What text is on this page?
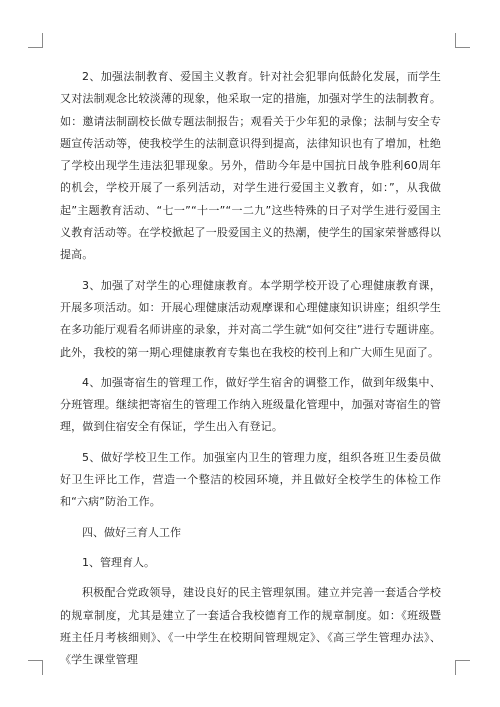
2、加强法制教育、爱国主义教育。针对社会犯罪向低龄化发展，而学生又对法制观念比较淡薄的现象，他采取一定的措施，加强对学生的法制教育。如：邀请法制副校长做专题法制报告；观看关于少年犯的录像；法制与安全专题宣传活动等，使我校学生的法制意识得到提高，法律知识也有了增加，杜绝了学校出现学生违法犯罪现象。另外，借助今年是中国抗日战争胜利60周年的机会，学校开展了一系列活动，对学生进行爱国主义教育，如：”，从我做起”主题教育活动、“七一”“十一”“一二九”这些特殊的日子对学生进行爱国主义教育活动等。在学校掀起了一股爱国主义的热潮，使学生的国家荣誉感得以提高。

3、加强了对学生的心理健康教育。本学期学校开设了心理健康教育课，开展多项活动。如：开展心理健康活动观摩课和心理健康知识讲座；组织学生在多功能厅观看名师讲座的录象，并对高二学生就“如何交往”进行专题讲座。此外，我校的第一期心理健康教育专集也在我校的校刊上和广大师生见面了。

4、加强寄宿生的管理工作，做好学生宿舍的调整工作，做到年级集中、分班管理。继续把寄宿生的管理工作纳入班级量化管理中，加强对寄宿生的管理，做到住宿安全有保证，学生出入有登记。

5、做好学校卫生工作。加强室内卫生的管理力度，组织各班卫生委员做好卫生评比工作，营造一个整洁的校园环境，并且做好全校学生的体检工作和“六病”防治工作。

四、做好三育人工作

1、管理育人。

积极配合党政领导，建设良好的民主管理氛围。建立并完善一套适合学校的规章制度，尤其是建立了一套适合我校德育工作的规章制度。如：《班级暨班主任月考核细则》、《一中学生在校期间管理规定》、《高三学生管理办法》、《学生课堂管理
